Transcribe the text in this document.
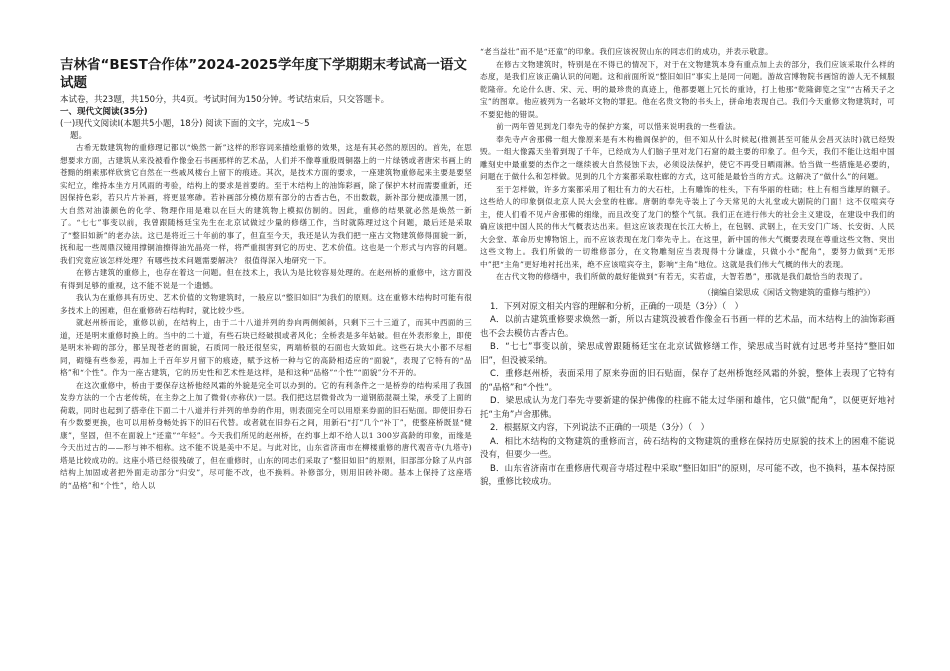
吉林省“BEST合作体”2024-2025学年度下学期期末考试高一语文试题
本试卷，共23题，共150分，共4页。考试时间为150分钟。考试结束后，只交答题卡。
一、现代文阅读(35分)
(一)现代文阅读Ⅰ(本题共5小题，18分) 阅读下面的文字，完成1～5
题。

古希无数建筑物的重修理记都以“焕然一新”这样的形容词来描绘重修的效果，这是有其必然的原因的。首先，在思想要求方面，古建筑从来没被看作像金石书画那样的艺术品，人们并不像尊重殷周铜器上的一片绿锈或者唐宋书画上的苍黯的绢素那样欣赏它自然在一些戚风楼台上留下的痕迹。其次，是技术方面的要求，一座建筑物重修起来主要是要坚实纪立，维持本坐方月风雨的考验，结构上的要求是首要的。至于木结构上的油饰彩画，除了保护木材而需要重新，还因保持色彩，若只片片补画，将更显寒碜。若补画部分模仿原有部分的古香古色，不出数载，新补部分便成漆黑一团，大自然对油漆颜色的化学、物理作用是难以在巨大的建筑物上模拟仿制的。因此，重修的结果就必然是焕然一新了。“七七”事变以前，我曾跟随杨廷宝先生在北京试做过少量的修缮工作，当时就陈理过这个问题，最后还是采取了“整旧如新”的老办法。这已是将近三十年前的事了，但直至今天，我还是认为我们把一座古文物建筑修得面貌一新，抚和起一些周鼎汉镜用撑铜油擦得油光晶亮一样，将严重损害到它的历史、艺术价值。这也是一个形式与内容的问题。我们究竟应该怎样处理？有哪些技术问题需要解决？ 很值得深入地研究一下。

在修古建筑的重修上，也存在着这一问题。但在技术上，我认为是比较容易处理的。在赵州桥的重修中，这方面没有得到足够的重视，这不能不说是一个遗憾。

我认为在重修具有历史、艺术价值的文物建筑时，一般应以“整旧如旧”为我们的原则。这在重修木结构时可能有很多技术上的困难，但在重修砖石结构时，就比较少些。

就赵州桥而论，重修以前，在结构上，由于二十八道并列的券向两侧倾斜，只剩下三十三道了，而其中西面的三道，还是明末重修时换上的。当中的二十道，有些石块已经破损或者风化；全桥表是多年姑破。但在外表形象上，即使是明末补砌的部分，都呈现苍老的面貌，石质同一般还很坚实，两端桥很的石面也大致如此。这些石块大小都不尽相同，砌缝有些参差，再加上千百年岁月留下的痕迹，赋予这桥一种与它的高龄相适应的“面貌”，表现了它特有的“品格”和“个性”。作为一座古建筑，它的历史性和艺术性是这样，是和这种“品格”“个性”“面貌”分不开的。

在这次重修中，桥由于要保存这桥他经风霜的外貌是完全可以办到的。它的有利条件之一是桥券的结构采用了我国发券方法的一个古老传统，在主券之上加了微骨(亦称伏)一层。我们把这层微骨改为一道钢筋混凝土梁，承受了上面的荷载，同时也起到了搭牵住下面二十八道并行并列的单券的作用，则表面完全可以用原来券面的旧石贴面。即使旧券石有少数要更换，也可以用桥身畅处拆下的旧石代替。或者就在旧券石之间，用新石“打”几个“补丁”，使整座桥既显“健康”，坚固，但不在面貌上“还童”“年轻”。今天我们所见的赵州桥，在约事上却不给人以1 300岁高龄的印象，而缘是今天出过古的——形与神不相称。这不能不说是美中不足。与此对比，山东省济南市在柳楼重修的唐代观音寺(九塔寺)塔是比较成功的。这座小塔已经很残破了，但在重修时，山东的同志们采取了“整旧如旧”的原则，旧部部分除了从内部结构上加固或者把外面走动部分“归安”，尽可能不改，也不换料。补修部分，则用旧砖补砌。基本上保持了这座塔的“品格”和“个性”，给人以

“老当益壮”而不是“还童”的印象。我们应该祝贺山东的同志们的成功，并表示敬意。

在修古文物建筑时，特别是在不得已的情况下，对于在文物建筑本身有重点加上去的部分，我们应该采取什么样的态度，是我们应该正确认识的问题。这和前面所说“整旧如旧”事实上是同一问题。游故宫博物院书画馆的游人无不倾服乾隆帝。允论什么唐、宋、元、明的最珍贵的真迹上，他都要题上冗长的重诗，打上他那“乾隆御览之宝”“古稀天子之宝”的图章。他应被列为一名破坏文物的罪犯。他在名贵文物的书头上，拼命地表现自己。我们今天重修文物建筑时，可不要犯他的错误。

前一两年曾见到龙门奉先寺的保护方案，可以惜来说明我的一些看法。

奉先寺卢舍那佛一组大像原来是有木构檐阁保护的，但不知从什么时候起(推测甚至可能从会昌灭法时)就已经毁毁。一组大像露天坐着到现了千年，已经成为人们脑子里对龙门石窟的最主要的印象了。但今天，我们不能让这组中国雕刻史中最重要的杰作之一继续被大自然侵蚀下去，必须设法保护，使它不再受日晒雨淋。恰当做一些措施是必要的，问题在于做什么和怎样做。见到的几个方案都采取柱廊的方式，这可能是最恰当的方式。这解决了“做什么”的问题。

至于怎样做，许多方案都采用了粗壮有力的大石柱，上有雕饰的柱头，下有华丽的柱础；柱上有相当雄厚的额子。这些给人的印象倒似北京人民大会堂的柱廊。唐朝的奉先寺装上了今天常见的大礼堂或大剧院的门面！这不仅喧宾夺主，使人们看不见卢舍那佛的细缘，而且改变了龙门的整个气氛。我们正在进行伟大的社会主义建设，在建设中我们的确应该把中国人民的伟大气概表达出来。但这应该表现在长江大桥上，在包钢、武钢上，在天安门广场、长安街、人民大会堂、革命历史博物馆上，而不应该表现在龙门奉先寺上。在这里，新中国的伟大气概要表现在尊重这些文物、突出这些文物上。我们所做的一切维修部分，在文物雕刻应当表现得十分谦虚，只做小小“配角”，要努力做到“无形中”把“主角”更好地衬托出来，绝不应该喧宾夺主，影响“主角”地位。这就是我们伟大气概的伟大的表现。

在古代文物的修缮中，我们所做的最好能做到“有若无，实若虚，大智若愚”，那就是我们最恰当的表现了。

（摘编自梁思成《闲话文物建筑的重修与维护》）

1．下列对原文相关内容的理解和分析，正确的一项是（3分）（　）

A．以前古建筑重修要求焕然一新，所以古建筑没被看作像金石书画一样的艺术品，而木结构上的油饰彩画也不会去模仿古香古色。

B．“七七”事变以前，梁思成曾跟随杨廷宝在北京试做修缮工作，梁思成当时就有过思考并坚持“整旧如旧”，但没被采纳。

C．重修赵州桥，表面采用了原来券面的旧石贴面，保存了赵州桥饱经风霜的外貌，整体上表现了它特有的“品格”和“个性”。

D．梁思成认为龙门奉先寺要新建的保护佛像的柱廊不能太过华丽和雄伟，它只做“配角”，以便更好地衬托“主角”卢舍那佛。

2．根据原文内容，下列说法不正确的一项是（3分）（　）

A．相比木结构的文物建筑的重修而言，砖石结构的文物建筑的重修在保持历史原貌的技术上的困难不能说没有，但要少一些。

B．山东省济南市在重修唐代观音寺塔过程中采取“整旧如旧”的原则，尽可能不改，也不换料，基本保持原貌，重修比较成功。
